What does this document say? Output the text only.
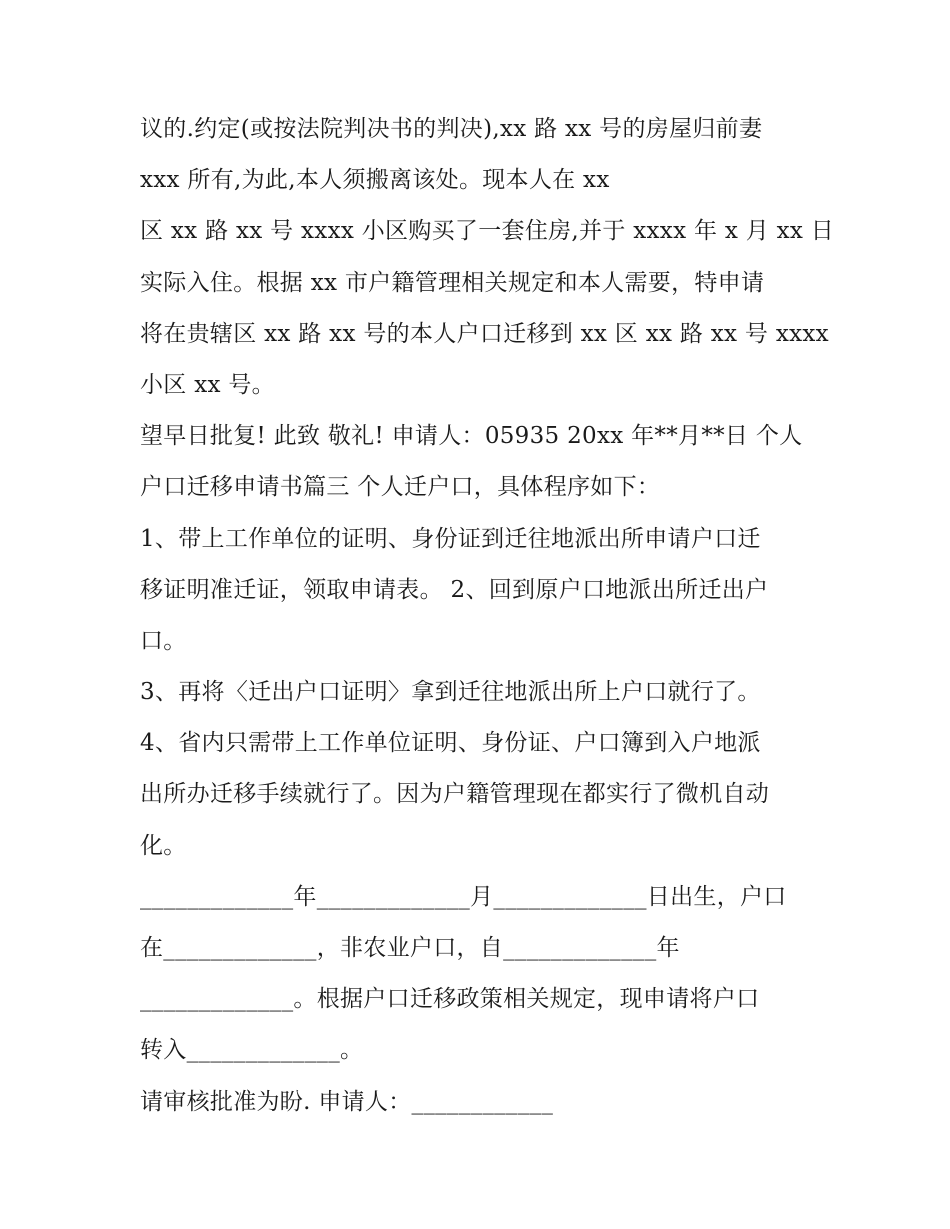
议的.约定(或按法院判决书的判决),xx 路 xx 号的房屋归前妻
xxx 所有,为此,本人须搬离该处。现本人在 xx
区 xx 路 xx 号 xxxx 小区购买了一套住房,并于 xxxx 年 x 月 xx 日
实际入住。根据 xx 市户籍管理相关规定和本人需要，特申请
将在贵辖区 xx 路 xx 号的本人户口迁移到 xx 区 xx 路 xx 号 xxxx
小区 xx 号。
望早日批复! 此致 敬礼! 申请人：05935 20xx 年**月**日 个人
户口迁移申请书篇三 个人迁户口，具体程序如下：
1、带上工作单位的证明、身份证到迁往地派出所申请户口迁
移证明准迁证，领取申请表。 2、回到原户口地派出所迁出户
口。
3、再将〈迁出户口证明〉拿到迁往地派出所上户口就行了。
4、省内只需带上工作单位证明、身份证、户口簿到入户地派
出所办迁移手续就行了。因为户籍管理现在都实行了微机自动
化。
_____________年_____________月_____________日出生，户口
在_____________，非农业户口，自_____________年
_____________。根据户口迁移政策相关规定，现申请将户口
转入_____________。
请审核批准为盼. 申请人：____________
